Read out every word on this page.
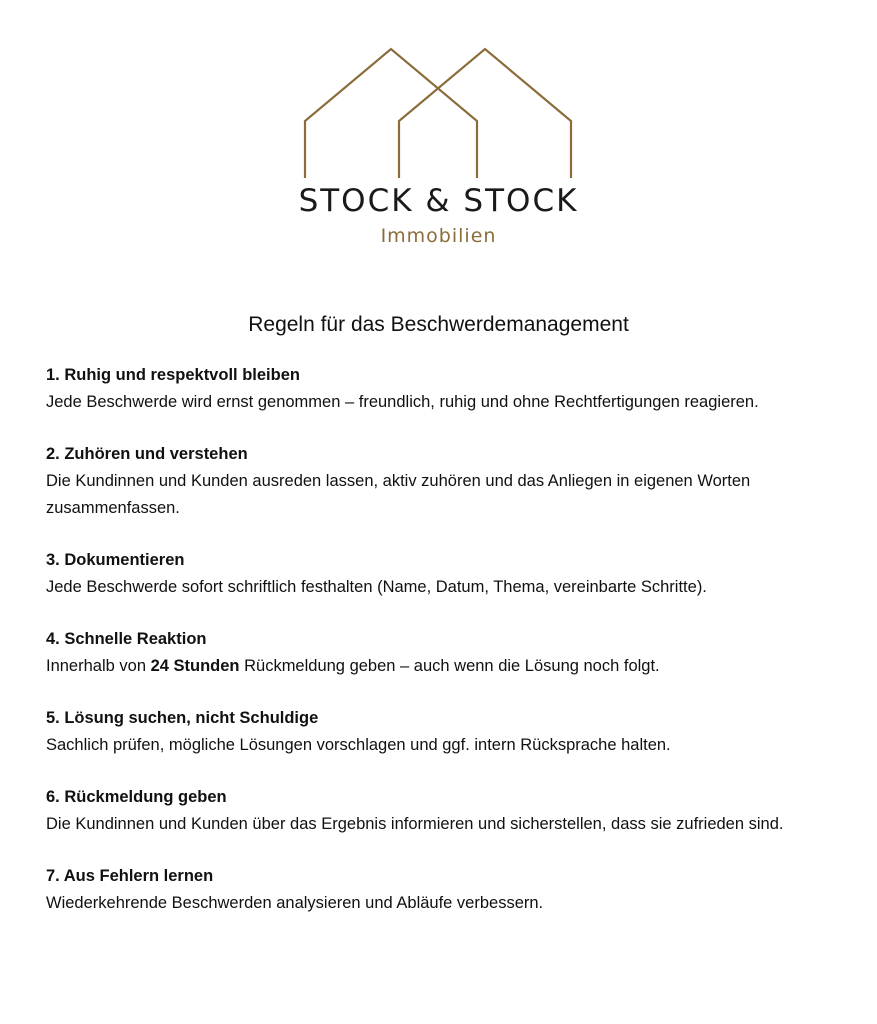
STOCK & STOCK
Immobilien
Regeln für das Beschwerdemanagement
1. Ruhig und respektvoll bleiben
Jede Beschwerde wird ernst genommen – freundlich, ruhig und ohne Rechtfertigungen reagieren.
2. Zuhören und verstehen
Die Kundinnen und Kunden ausreden lassen, aktiv zuhören und das Anliegen in eigenen Worten zusammenfassen.
3. Dokumentieren
Jede Beschwerde sofort schriftlich festhalten (Name, Datum, Thema, vereinbarte Schritte).
4. Schnelle Reaktion
Innerhalb von 24 Stunden Rückmeldung geben – auch wenn die Lösung noch folgt.
5. Lösung suchen, nicht Schuldige
Sachlich prüfen, mögliche Lösungen vorschlagen und ggf. intern Rücksprache halten.
6. Rückmeldung geben
Die Kundinnen und Kunden über das Ergebnis informieren und sicherstellen, dass sie zufrieden sind.
7. Aus Fehlern lernen
Wiederkehrende Beschwerden analysieren und Abläufe verbessern.
